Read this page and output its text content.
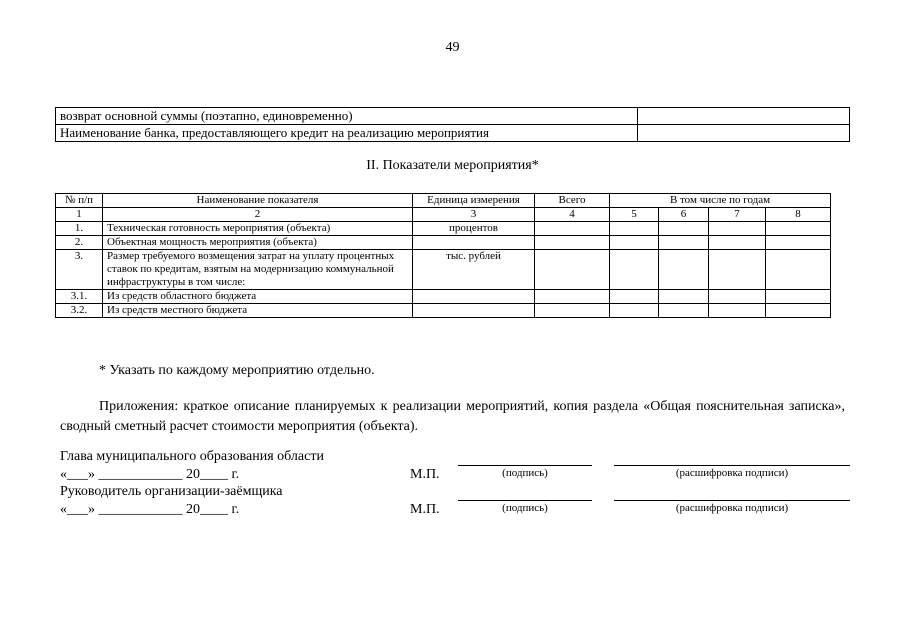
49
возврат основной суммы (поэтапно, единовременно)	
Наименование банка, предоставляющего кредит на реализацию мероприятия	
II. Показатели мероприятия*
№ п/п	Наименование показателя	Единица измерения	Всего	В том числе по годам			
1	2	3	4	5	6	7	8
1.	Техническая готовность мероприятия (объекта)	процентов					
2.	Объектная мощность мероприятия (объекта)						
3.	Размер требуемого возмещения затрат на уплату процентных ставок по кредитам, взятым на модернизацию коммунальной инфраструктуры в том числе:	тыс. рублей					
3.1.	Из средств областного бюджета						
3.2.	Из средств местного бюджета						
* Указать по каждому мероприятию отдельно.
Приложения: краткое описание планируемых к реализации мероприятий, копия раздела «Общая пояснительная записка», сводный сметный расчет стоимости мероприятия (объекта).
Глава муниципального образования области
«___» ____________ 20____ г.	М.П.	(подпись)	(расшифровка подписи)
Руководитель организации-заёмщика
«___» ____________ 20____ г.	М.П.	(подпись)	(расшифровка подписи)
